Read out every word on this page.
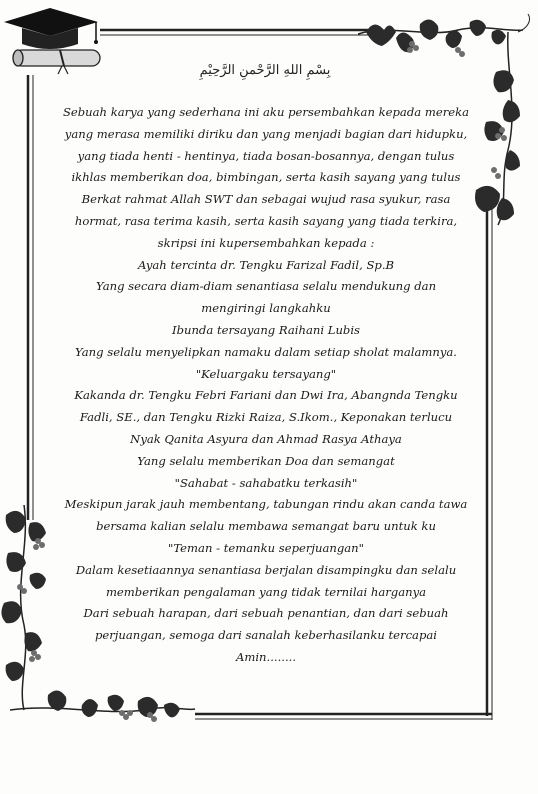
بِسْمِ اللهِ الرَّحْمنِ الرَّحِيْمِ
Sebuah karya yang sederhana ini aku persembahkan kepada mereka
yang merasa memiliki diriku dan yang menjadi bagian dari hidupku,
yang tiada henti - hentinya, tiada bosan-bosannya, dengan tulus
ikhlas memberikan doa, bimbingan, serta kasih sayang yang tulus
Berkat rahmat Allah SWT dan sebagai wujud rasa syukur, rasa
hormat, rasa terima kasih, serta kasih sayang yang tiada terkira,
skripsi ini kupersembahkan kepada :
Ayah tercinta dr. Tengku Farizal Fadil, Sp.B
Yang secara diam-diam senantiasa selalu mendukung dan
mengiringi langkahku
Ibunda tersayang Raihani Lubis
Yang selalu menyelipkan namaku dalam setiap sholat malamnya.
"Keluargaku tersayang"
Kakanda dr. Tengku Febri Fariani dan Dwi Ira, Abangnda Tengku
Fadli, SE., dan Tengku Rizki Raiza, S.Ikom., Keponakan terlucu
Nyak Qanita Asyura dan Ahmad Rasya Athaya
Yang selalu memberikan Doa dan semangat
"Sahabat - sahabatku terkasih"
Meskipun jarak jauh membentang, tabungan rindu akan canda tawa
bersama kalian selalu membawa semangat baru untuk ku
"Teman - temanku seperjuangan"
Dalam kesetiaannya senantiasa berjalan disampingku dan selalu
memberikan pengalaman yang tidak ternilai harganya
Dari sebuah harapan, dari sebuah penantian, dan dari sebuah
perjuangan, semoga dari sanalah keberhasilanku tercapai
Amin........
